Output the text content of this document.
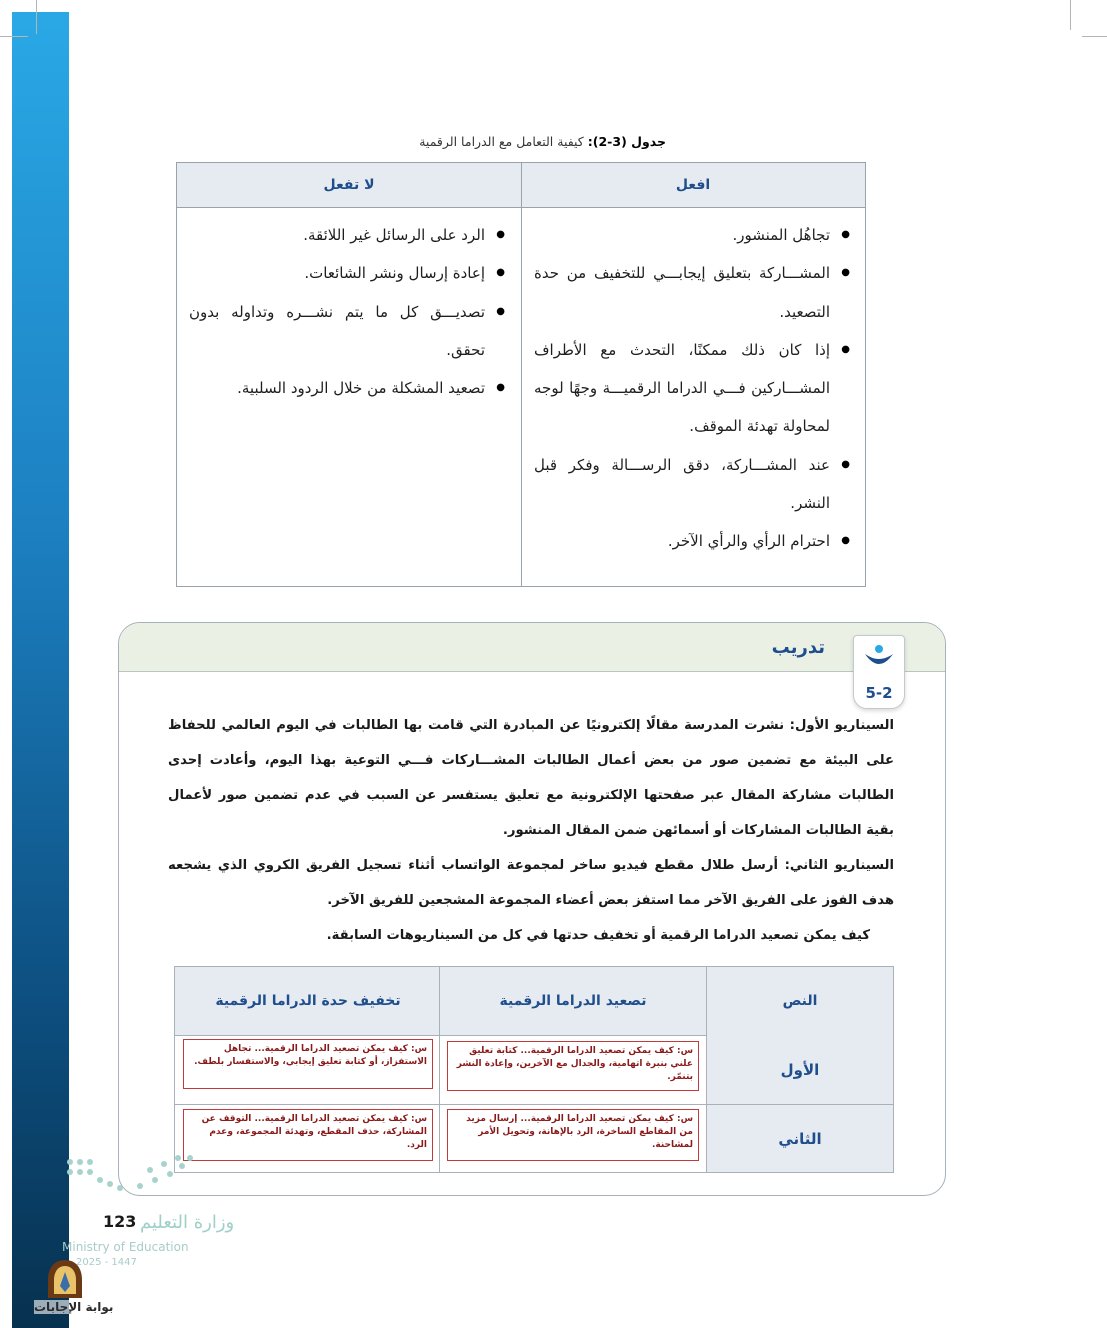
جدول (3-2): كيفية التعامل مع الدراما الرقمية
افعل
لا تفعل
● تجاهُل المنشور.
● المشـــاركة بتعليق إيجابـــي للتخفيف من حدة التصعيد.
● إذا كان ذلك ممكنًا، التحدث مع الأطراف المشـــاركين فـــي الدراما الرقميـــة وجهًا لوجه لمحاولة تهدئة الموقف.
● عند المشـــاركة، دقق الرســـالة وفكر قبل النشر.
● احترام الرأي والرأي الآخر.
● الرد على الرسائل غير اللائقة.
● إعادة إرسال ونشر الشائعات.
● تصديـــق كل ما يتم نشـــره وتداوله بدون تحقق.
● تصعيد المشكلة من خلال الردود السلبية.
تدريب
5-2

السيناريو الأول: نشرت المدرسة مقالًا إلكترونيًا عن المبادرة التي قامت بها الطالبات في اليوم العالمي للحفاظ على البيئة مع تضمين صور من بعض أعمال الطالبات المشـــاركات فـــي التوعية بهذا اليوم، وأعادت إحدى الطالبات مشاركة المقال عبر صفحتها الإلكترونية مع تعليق يستفسر عن السبب في عدم تضمين صور لأعمال بقية الطالبات المشاركات أو أسمائهن ضمن المقال المنشور.

السيناريو الثاني: أرسل طلال مقطع فيديو ساخر لمجموعة الواتساب أثناء تسجيل الفريق الكروي الذي يشجعه هدف الفوز على الفريق الآخر مما استفز بعض أعضاء المجموعة المشجعين للفريق الآخر.

كيف يمكن تصعيد الدراما الرقمية أو تخفيف حدتها في كل من السيناريوهات السابقة.

النص
تصعيد الدراما الرقمية
تخفيف حدة الدراما الرقمية
الأول
الثاني
س: كيف يمكن تصعيد الدراما الرقمية... كتابة تعليق علني بنبرة اتهامية، والجدال مع الآخرين، وإعادة النشر بتنمّر.
س: كيف يمكن تصعيد الدراما الرقمية... تجاهل الاستفزاز، أو كتابة تعليق إيجابي، والاستفسار بلطف.
س: كيف يمكن تصعيد الدراما الرقمية... إرسال مزيد من المقاطع الساخرة، الرد بالإهانة، وتحويل الأمر لمشاحنة.
س: كيف يمكن تصعيد الدراما الرقمية... التوقف عن المشاركة، حذف المقطع، وتهدئة المجموعة، وعدم الرد.
123 وزارة التعليم
Ministry of Education
2025 - 1447
بوابة الإجابات
